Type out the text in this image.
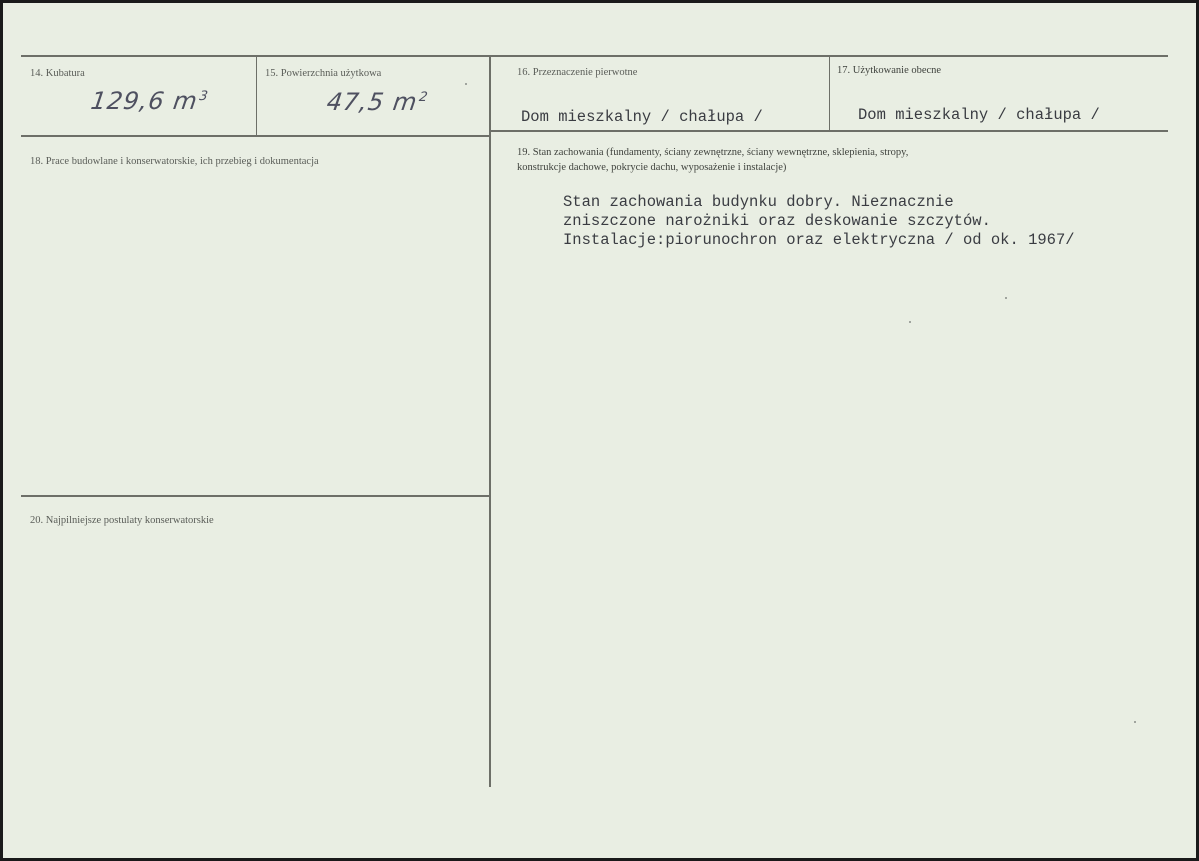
14. Kubatura
129,6 $m^3$
15. Powierzchnia użytkowa
47,5 $m^2$
16. Przeznaczenie pierwotne
Dom mieszkalny / chałupa /
17. Użytkowanie obecne
Dom mieszkalny / chałupa /
18. Prace budowlane i konserwatorskie, ich przebieg i dokumentacja
19. Stan zachowania (fundamenty, ściany zewnętrzne, ściany wewnętrzne, sklepienia, stropy,
konstrukcje dachowe, pokrycie dachu, wyposażenie i instalacje)
Stan zachowania budynku dobry. Nieznacznie
zniszczone narożniki oraz deskowanie szczytów.
Instalacje:piorunochron oraz elektryczna / od ok. 1967/
20. Najpilniejsze postulaty konserwatorskie
